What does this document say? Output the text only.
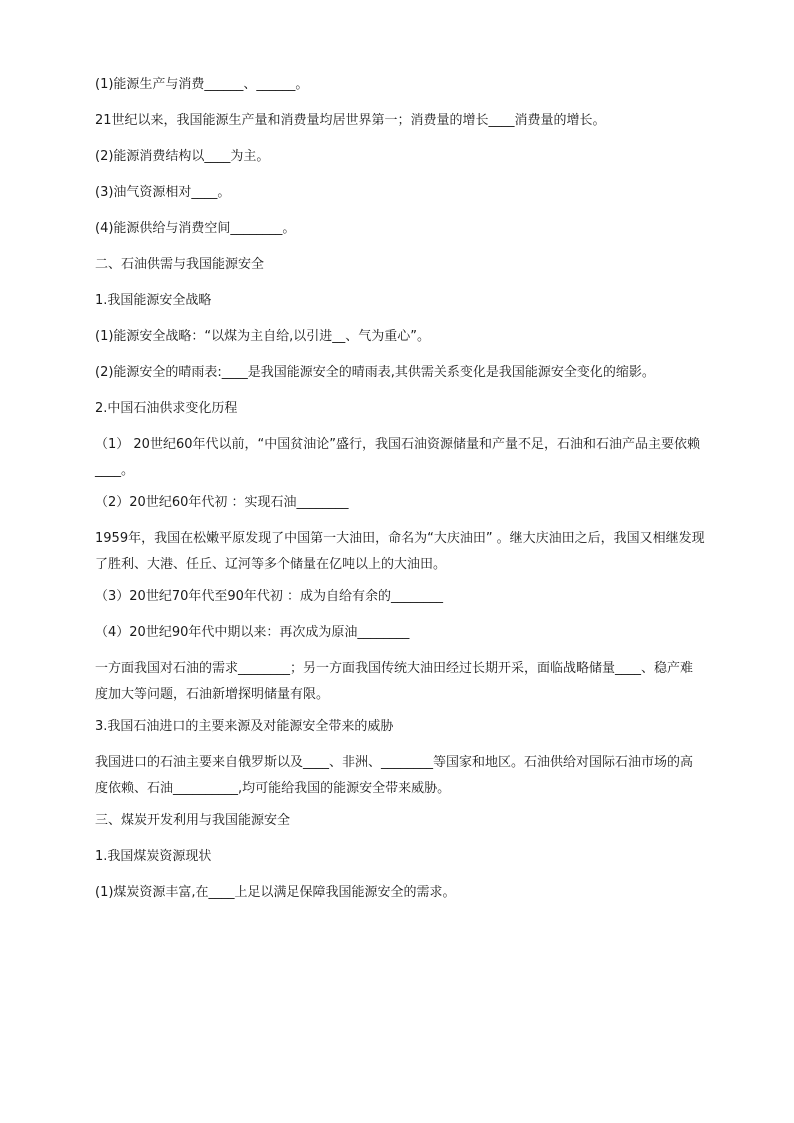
(1)能源生产与消费______、______。

21世纪以来，我国能源生产量和消费量均居世界第一；消费量的增长____消费量的增长。

(2)能源消费结构以____为主。

(3)油气资源相对____。

(4)能源供给与消费空间________。

二、石油供需与我国能源安全

1.我国能源安全战略

(1)能源安全战略：“以煤为主自给,以引进__、气为重心”。

(2)能源安全的晴雨表:____是我国能源安全的晴雨表,其供需关系变化是我国能源安全变化的缩影。

2.中国石油供求变化历程

（1） 20世纪60年代以前，“中国贫油论”盛行，我国石油资源储量和产量不足，石油和石油产品主要依赖____。

（2）20世纪60年代初 ：实现石油________

1959年，我国在松嫩平原发现了中国第一大油田，命名为“大庆油田” 。继大庆油田之后，我国又相继发现了胜利、大港、任丘、辽河等多个储量在亿吨以上的大油田。

（3）20世纪70年代至90年代初 ：成为自给有余的________

（4）20世纪90年代中期以来：再次成为原油________

一方面我国对石油的需求________；另一方面我国传统大油田经过长期开采，面临战略储量____、稳产难度加大等问题，石油新增探明储量有限。

3.我国石油进口的主要来源及对能源安全带来的威胁

我国进口的石油主要来自俄罗斯以及____、非洲、________等国家和地区。石油供给对国际石油市场的高度依赖、石油__________,均可能给我国的能源安全带来威胁。

三、煤炭开发利用与我国能源安全

1.我国煤炭资源现状

(1)煤炭资源丰富,在____上足以满足保障我国能源安全的需求。
